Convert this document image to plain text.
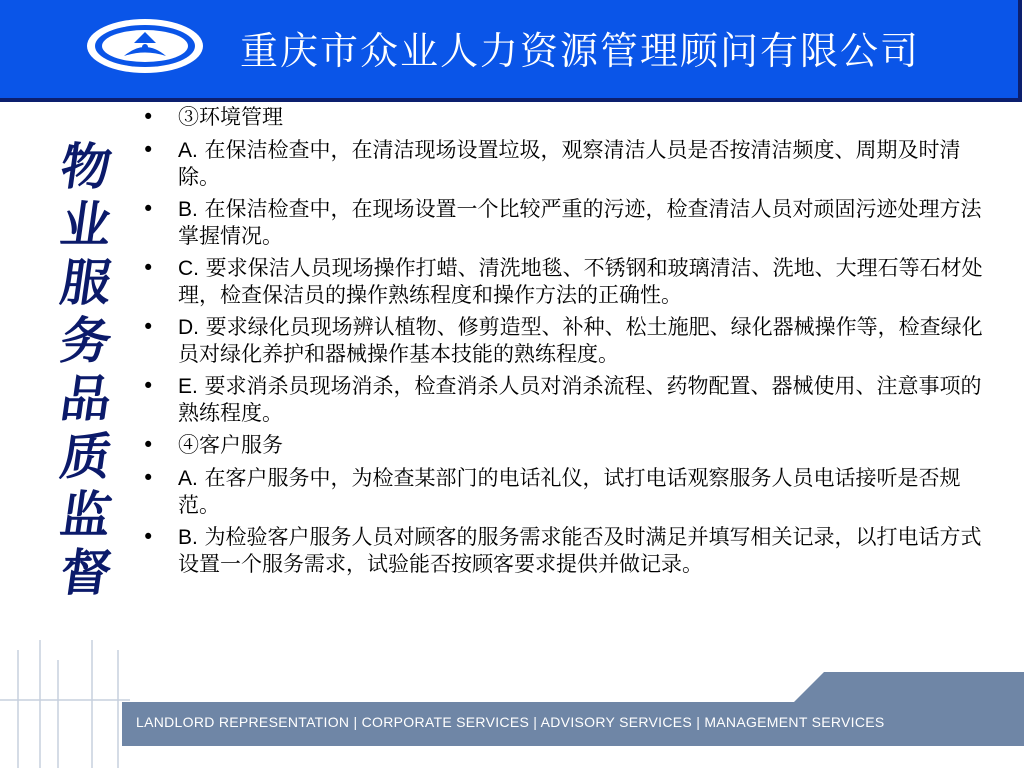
重庆市众业人力资源管理顾问有限公司
物
业
服
务
品
质
监
督
• ③环境管理
• A. 在保洁检查中，在清洁现场设置垃圾，观察清洁人员是否按清洁频度、周期及时清除。
• B. 在保洁检查中，在现场设置一个比较严重的污迹，检查清洁人员对顽固污迹处理方法掌握情况。
• C. 要求保洁人员现场操作打蜡、清洗地毯、不锈钢和玻璃清洁、洗地、大理石等石材处理，检查保洁员的操作熟练程度和操作方法的正确性。
• D. 要求绿化员现场辨认植物、修剪造型、补种、松土施肥、绿化器械操作等，检查绿化员对绿化养护和器械操作基本技能的熟练程度。
• E. 要求消杀员现场消杀，检查消杀人员对消杀流程、药物配置、器械使用、注意事项的熟练程度。
• ④客户服务
• A. 在客户服务中，为检查某部门的电话礼仪，试打电话观察服务人员电话接听是否规范。
• B. 为检验客户服务人员对顾客的服务需求能否及时满足并填写相关记录，以打电话方式设置一个服务需求，试验能否按顾客要求提供并做记录。
LANDLORD REPRESENTATION | CORPORATE SERVICES | ADVISORY SERVICES | MANAGEMENT SERVICES
